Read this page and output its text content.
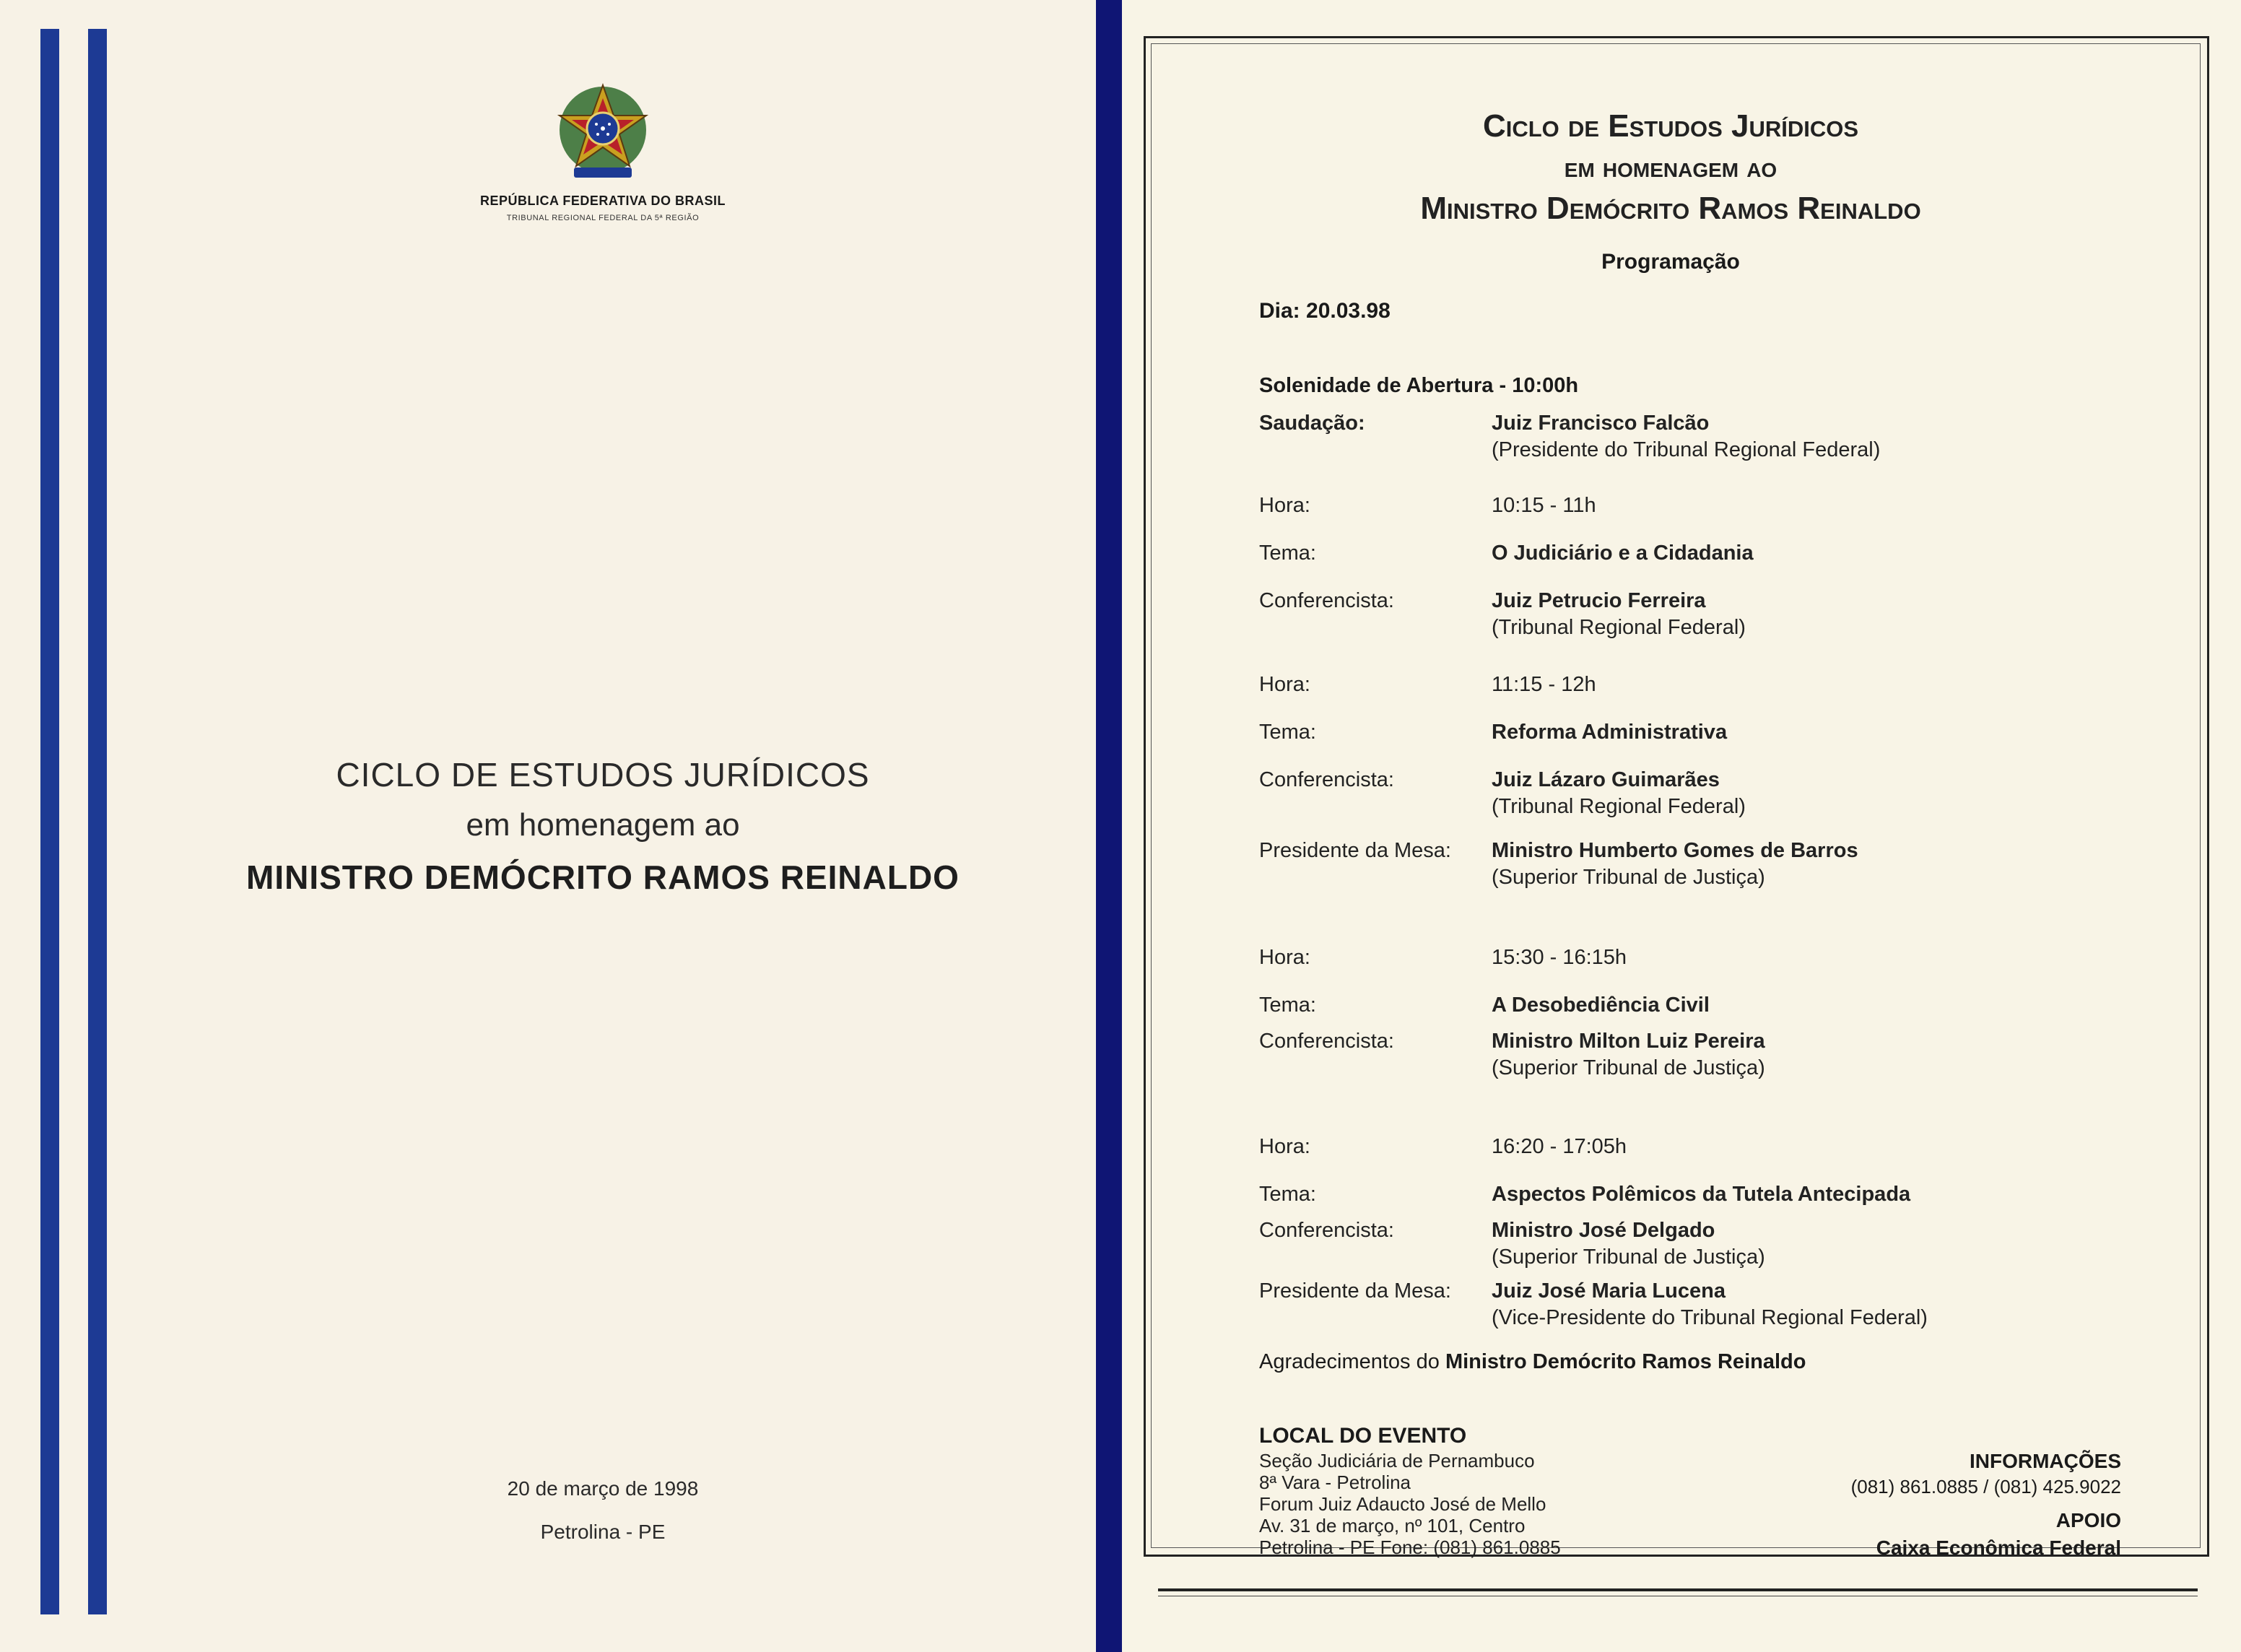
REPÚBLICA FEDERATIVA DO BRASIL
TRIBUNAL REGIONAL FEDERAL DA 5ª REGIÃO
CICLO DE ESTUDOS JURÍDICOS
em homenagem ao
MINISTRO DEMÓCRITO RAMOS REINALDO
20 de março de 1998
Petrolina - PE
Ciclo de Estudos Jurídicos
em homenagem ao
Ministro Demócrito Ramos Reinaldo
Programação
Dia: 20.03.98
Solenidade de Abertura - 10:00h
Saudação:	Juiz Francisco Falcão
(Presidente do Tribunal Regional Federal)
Hora:	10:15 - 11h
Tema:	O Judiciário e a Cidadania
Conferencista:	Juiz Petrucio Ferreira
(Tribunal Regional Federal)
Hora:	11:15 - 12h
Tema:	Reforma Administrativa
Conferencista:	Juiz Lázaro Guimarães
(Tribunal Regional Federal)
Presidente da Mesa: Ministro Humberto Gomes de Barros
(Superior Tribunal de Justiça)
Hora:	15:30 - 16:15h
Tema:	A Desobediência Civil
Conferencista:	Ministro Milton Luiz Pereira
(Superior Tribunal de Justiça)
Hora:	16:20 - 17:05h
Tema:	Aspectos Polêmicos da Tutela Antecipada
Conferencista:	Ministro José Delgado
(Superior Tribunal de Justiça)
Presidente da Mesa: Juiz José Maria Lucena
(Vice-Presidente do Tribunal Regional Federal)
Agradecimentos do Ministro Demócrito Ramos Reinaldo
LOCAL DO EVENTO
Seção Judiciária de Pernambuco
8ª Vara - Petrolina
Forum Juiz Adaucto José de Mello
Av. 31 de março, nº 101, Centro
Petrolina - PE Fone: (081) 861.0885
INFORMAÇÕES
(081) 861.0885 / (081) 425.9022
APOIO
Caixa Econômica Federal
